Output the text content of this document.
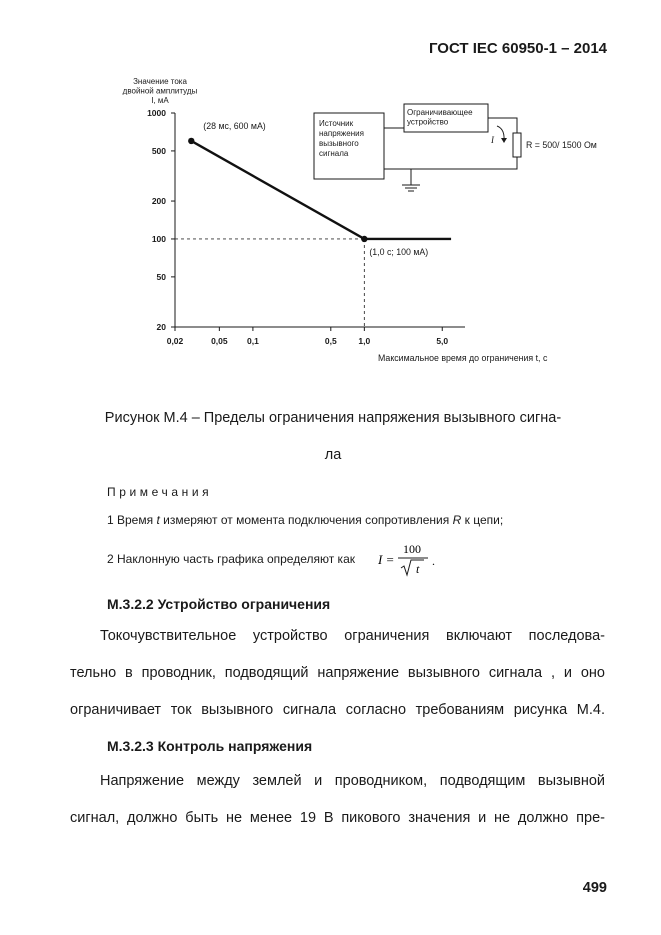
ГОСТ IEC 60950-1 – 2014
1000
500
200
100
50
20
0,02	0,05 0,1	0,5	1,0	5,0
(28 мс, 600 мА)
(1,0 с; 100 мА)
Значение тока
двойной амплитуды
I, мА
Максимальное время до ограничения t, с
Источник
напряжения
вызывного
сигнала
Ограничивающее
устройство
I	R = 500/ 1500 Ом
Рисунок М.4 – Пределы ограничения напряжения вызывного сигна-
ла
Примечания
1 Время t измеряют от момента подключения сопротивления R к цепи;
2 Наклонную часть графика определяют как I =
100
t
.
М.3.2.2 Устройство ограничения
Токочувствительное устройство ограничения включают последова-
тельно в проводник, подводящий напряжение вызывного сигнала , и оно
ограничивает ток вызывного сигнала согласно требованиям рисунка М.4.
М.3.2.3 Контроль напряжения
Напряжение между землей и проводником, подводящим вызывной
сигнал, должно быть не менее 19 В пикового значения и не должно пре-
499
